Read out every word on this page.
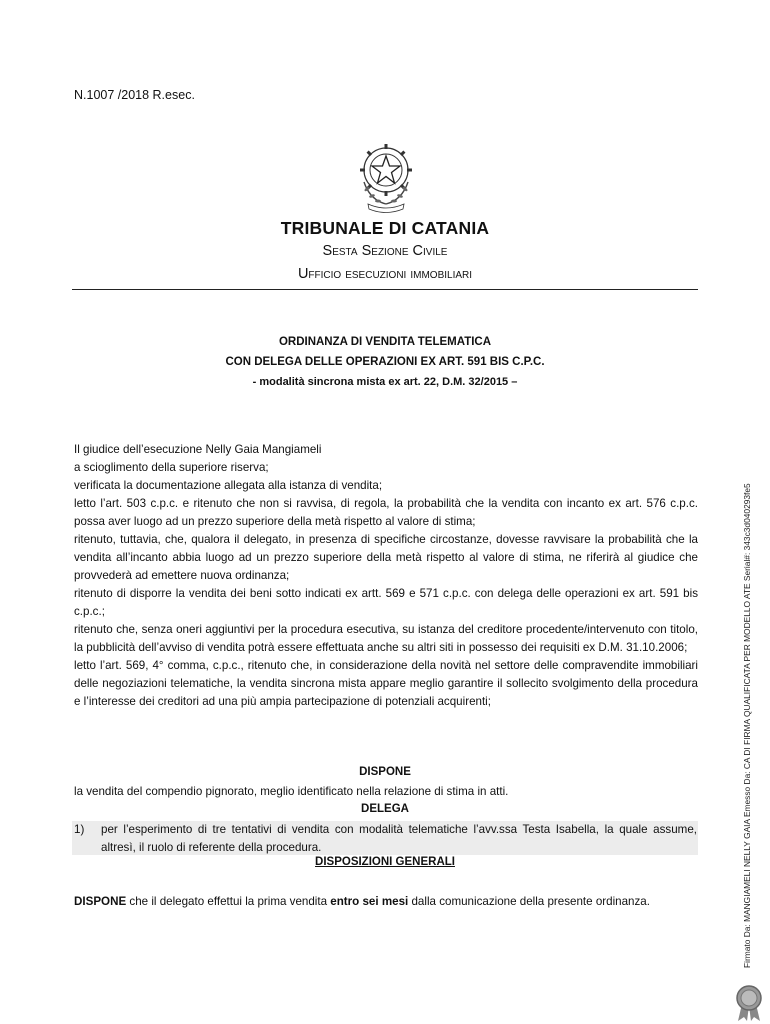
N.1007 /2018 R.esec.
TRIBUNALE DI CATANIA
Sesta Sezione Civile
Ufficio esecuzioni immobiliari
ORDINANZA DI VENDITA TELEMATICA
CON DELEGA DELLE OPERAZIONI EX ART. 591 BIS C.P.C.
- modalità sincrona mista ex art. 22, D.M. 32/2015 –

Il giudice dell’esecuzione Nelly Gaia Mangiameli

a scioglimento della superiore riserva;

verificata la documentazione allegata alla istanza di vendita;

letto l’art. 503 c.p.c. e ritenuto che non si ravvisa, di regola, la probabilità che la vendita con incanto ex art. 576 c.p.c. possa aver luogo ad un prezzo superiore della metà rispetto al valore di stima;

ritenuto, tuttavia, che, qualora il delegato, in presenza di specifiche circostanze, dovesse ravvisare la probabilità che la vendita all’incanto abbia luogo ad un prezzo superiore della metà rispetto al valore di stima, ne riferirà al giudice che provvederà ad emettere nuova ordinanza;

ritenuto di disporre la vendita dei beni sotto indicati ex artt. 569 e 571 c.p.c. con delega delle operazioni ex art. 591 bis c.p.c.;

ritenuto che, senza oneri aggiuntivi per la procedura esecutiva, su istanza del creditore procedente/intervenuto con titolo, la pubblicità dell’avviso di vendita potrà essere effettuata anche su altri siti in possesso dei requisiti ex D.M. 31.10.2006;

letto l’art. 569, 4° comma, c.p.c., ritenuto che, in considerazione della novità nel settore delle compravendite immobiliari delle negoziazioni telematiche, la vendita sincrona mista appare meglio garantire il sollecito svolgimento della procedura e l’interesse dei creditori ad una più ampia partecipazione di potenziali acquirenti;

DISPONE
la vendita del compendio pignorato, meglio identificato nella relazione di stima in atti.
DELEGA
1) per l’esperimento di tre tentativi di vendita con modalità telematiche l’avv.ssa Testa Isabella, la quale assume, altresì, il ruolo di referente della procedura.
DISPOSIZIONI GENERALI
DISPONE che il delegato effettui la prima vendita entro sei mesi dalla comunicazione della presente ordinanza.	Firmato Da: MANGIAMELI NELLY GAIA Emesso Da: CA DI FIRMA QUALIFICATA PER MODELLO ATE Serial#: 343c3d040293fe5
